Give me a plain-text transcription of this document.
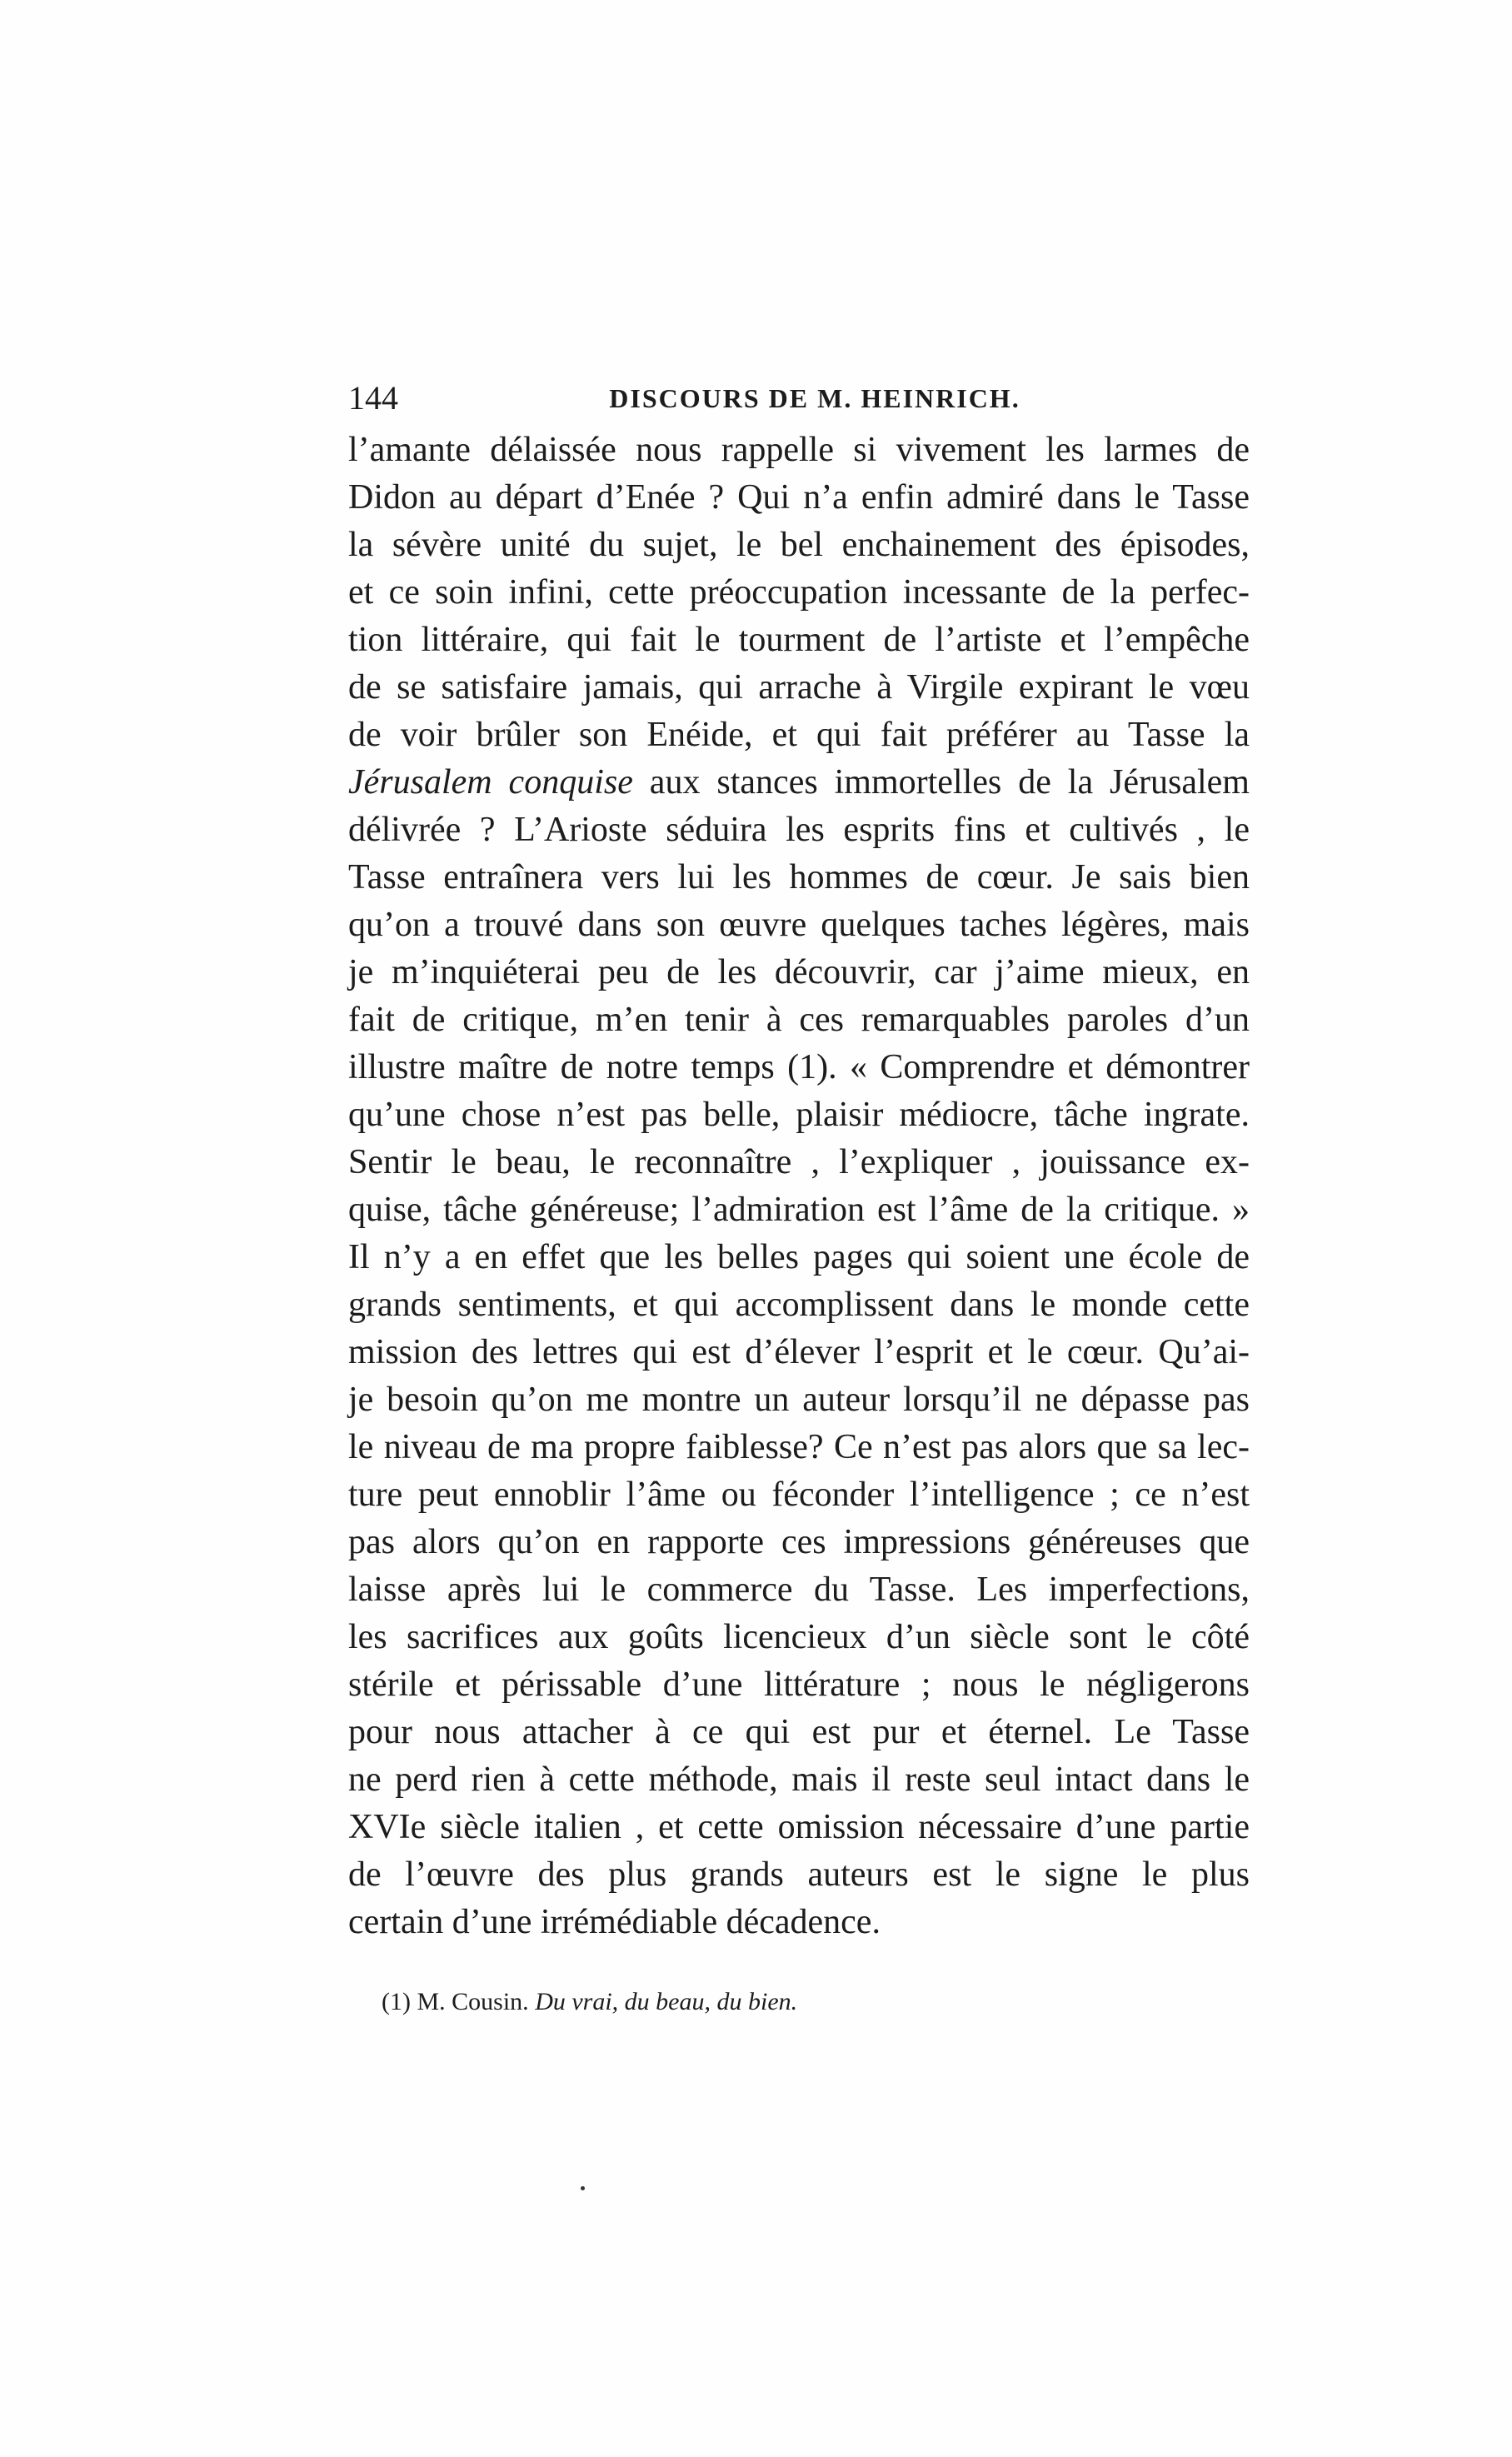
144	DISCOURS DE M. HEINRICH.
l’amante délaissée nous rappelle si vivement les larmes de
Didon au départ d’Enée ? Qui n’a enfin admiré dans le Tasse
la sévère unité du sujet, le bel enchainement des épisodes,
et ce soin infini, cette préoccupation incessante de la perfec-
tion littéraire, qui fait le tourment de l’artiste et l’empêche
de se satisfaire jamais, qui arrache à Virgile expirant le vœu
de voir brûler son Enéide, et qui fait préférer au Tasse la
Jérusalem conquise aux stances immortelles de la Jérusalem
délivrée ? L’Arioste séduira les esprits fins et cultivés , le
Tasse entraînera vers lui les hommes de cœur. Je sais bien
qu’on a trouvé dans son œuvre quelques taches légères, mais
je m’inquiéterai peu de les découvrir, car j’aime mieux, en
fait de critique, m’en tenir à ces remarquables paroles d’un
illustre maître de notre temps (1). « Comprendre et démontrer
qu’une chose n’est pas belle, plaisir médiocre, tâche ingrate.
Sentir le beau, le reconnaître , l’expliquer , jouissance ex-
quise, tâche généreuse; l’admiration est l’âme de la critique. »
Il n’y a en effet que les belles pages qui soient une école de
grands sentiments, et qui accomplissent dans le monde cette
mission des lettres qui est d’élever l’esprit et le cœur. Qu’ai-
je besoin qu’on me montre un auteur lorsqu’il ne dépasse pas
le niveau de ma propre faiblesse? Ce n’est pas alors que sa lec-
ture peut ennoblir l’âme ou féconder l’intelligence ; ce n’est
pas alors qu’on en rapporte ces impressions généreuses que
laisse après lui le commerce du Tasse. Les imperfections,
les sacrifices aux goûts licencieux d’un siècle sont le côté
stérile et périssable d’une littérature ; nous le négligerons
pour nous attacher à ce qui est pur et éternel. Le Tasse
ne perd rien à cette méthode, mais il reste seul intact dans le
XVIe siècle italien , et cette omission nécessaire d’une partie
de l’œuvre des plus grands auteurs est le signe le plus
certain d’une irrémédiable décadence.
(1) M. Cousin. Du vrai, du beau, du bien.
